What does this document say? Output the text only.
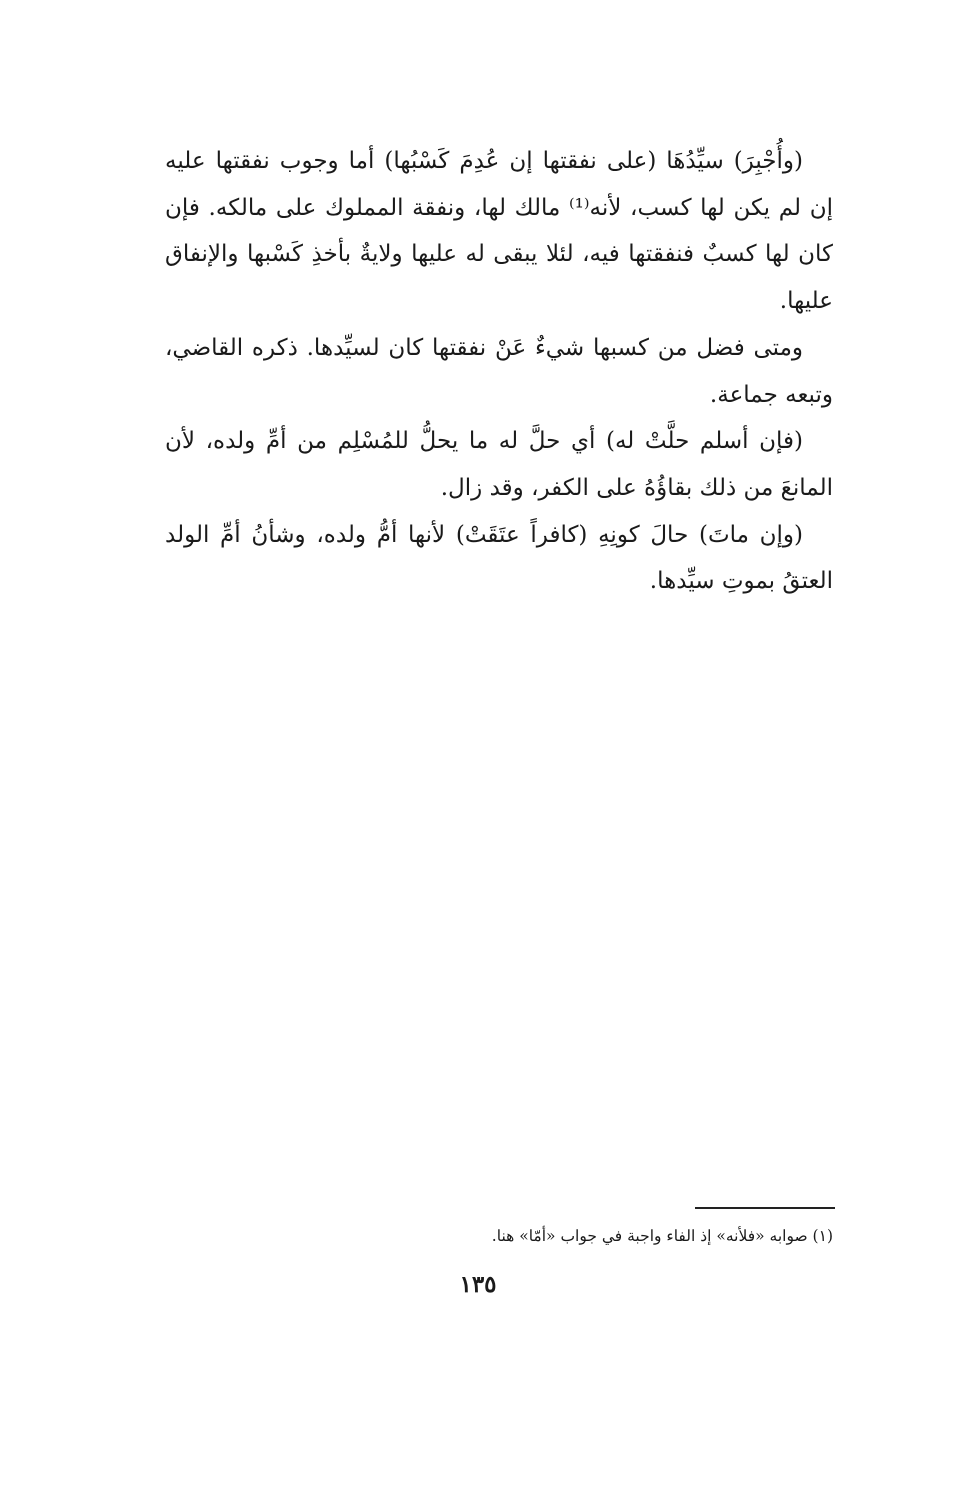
(وأُجْبِرَ) سيِّدُهَا (على نفقتها إن عُدِمَ كَسْبُها) أما وجوب نفقتها عليه إن لم يكن لها كسب، لأنه⁽¹⁾ مالك لها، ونفقة المملوك على مالكه. فإن كان لها كسبٌ فنفقتها فيه، لئلا يبقى له عليها ولايةٌ بأخذِ كَسْبها والإنفاق عليها.

ومتى فضل من كسبها شيءٌ عَنْ نفقتها كان لسيِّدها. ذكره القاضي، وتبعه جماعة.

(فإن أسلم حلَّتْ له) أي حلَّ له ما يحلُّ للمُسْلِم من أمِّ ولده، لأن المانعَ من ذلك بقاؤُهُ على الكفر، وقد زال.

(وإن ماتَ) حالَ كونِهِ (كافراً عتَقَتْ) لأنها أمُّ ولده، وشأنُ أمِّ الولد العتقُ بموتِ سيِّدها.

(١) صوابه «فلأنه» إذ الفاء واجبة في جواب «أمّا» هنا.
١٣٥
